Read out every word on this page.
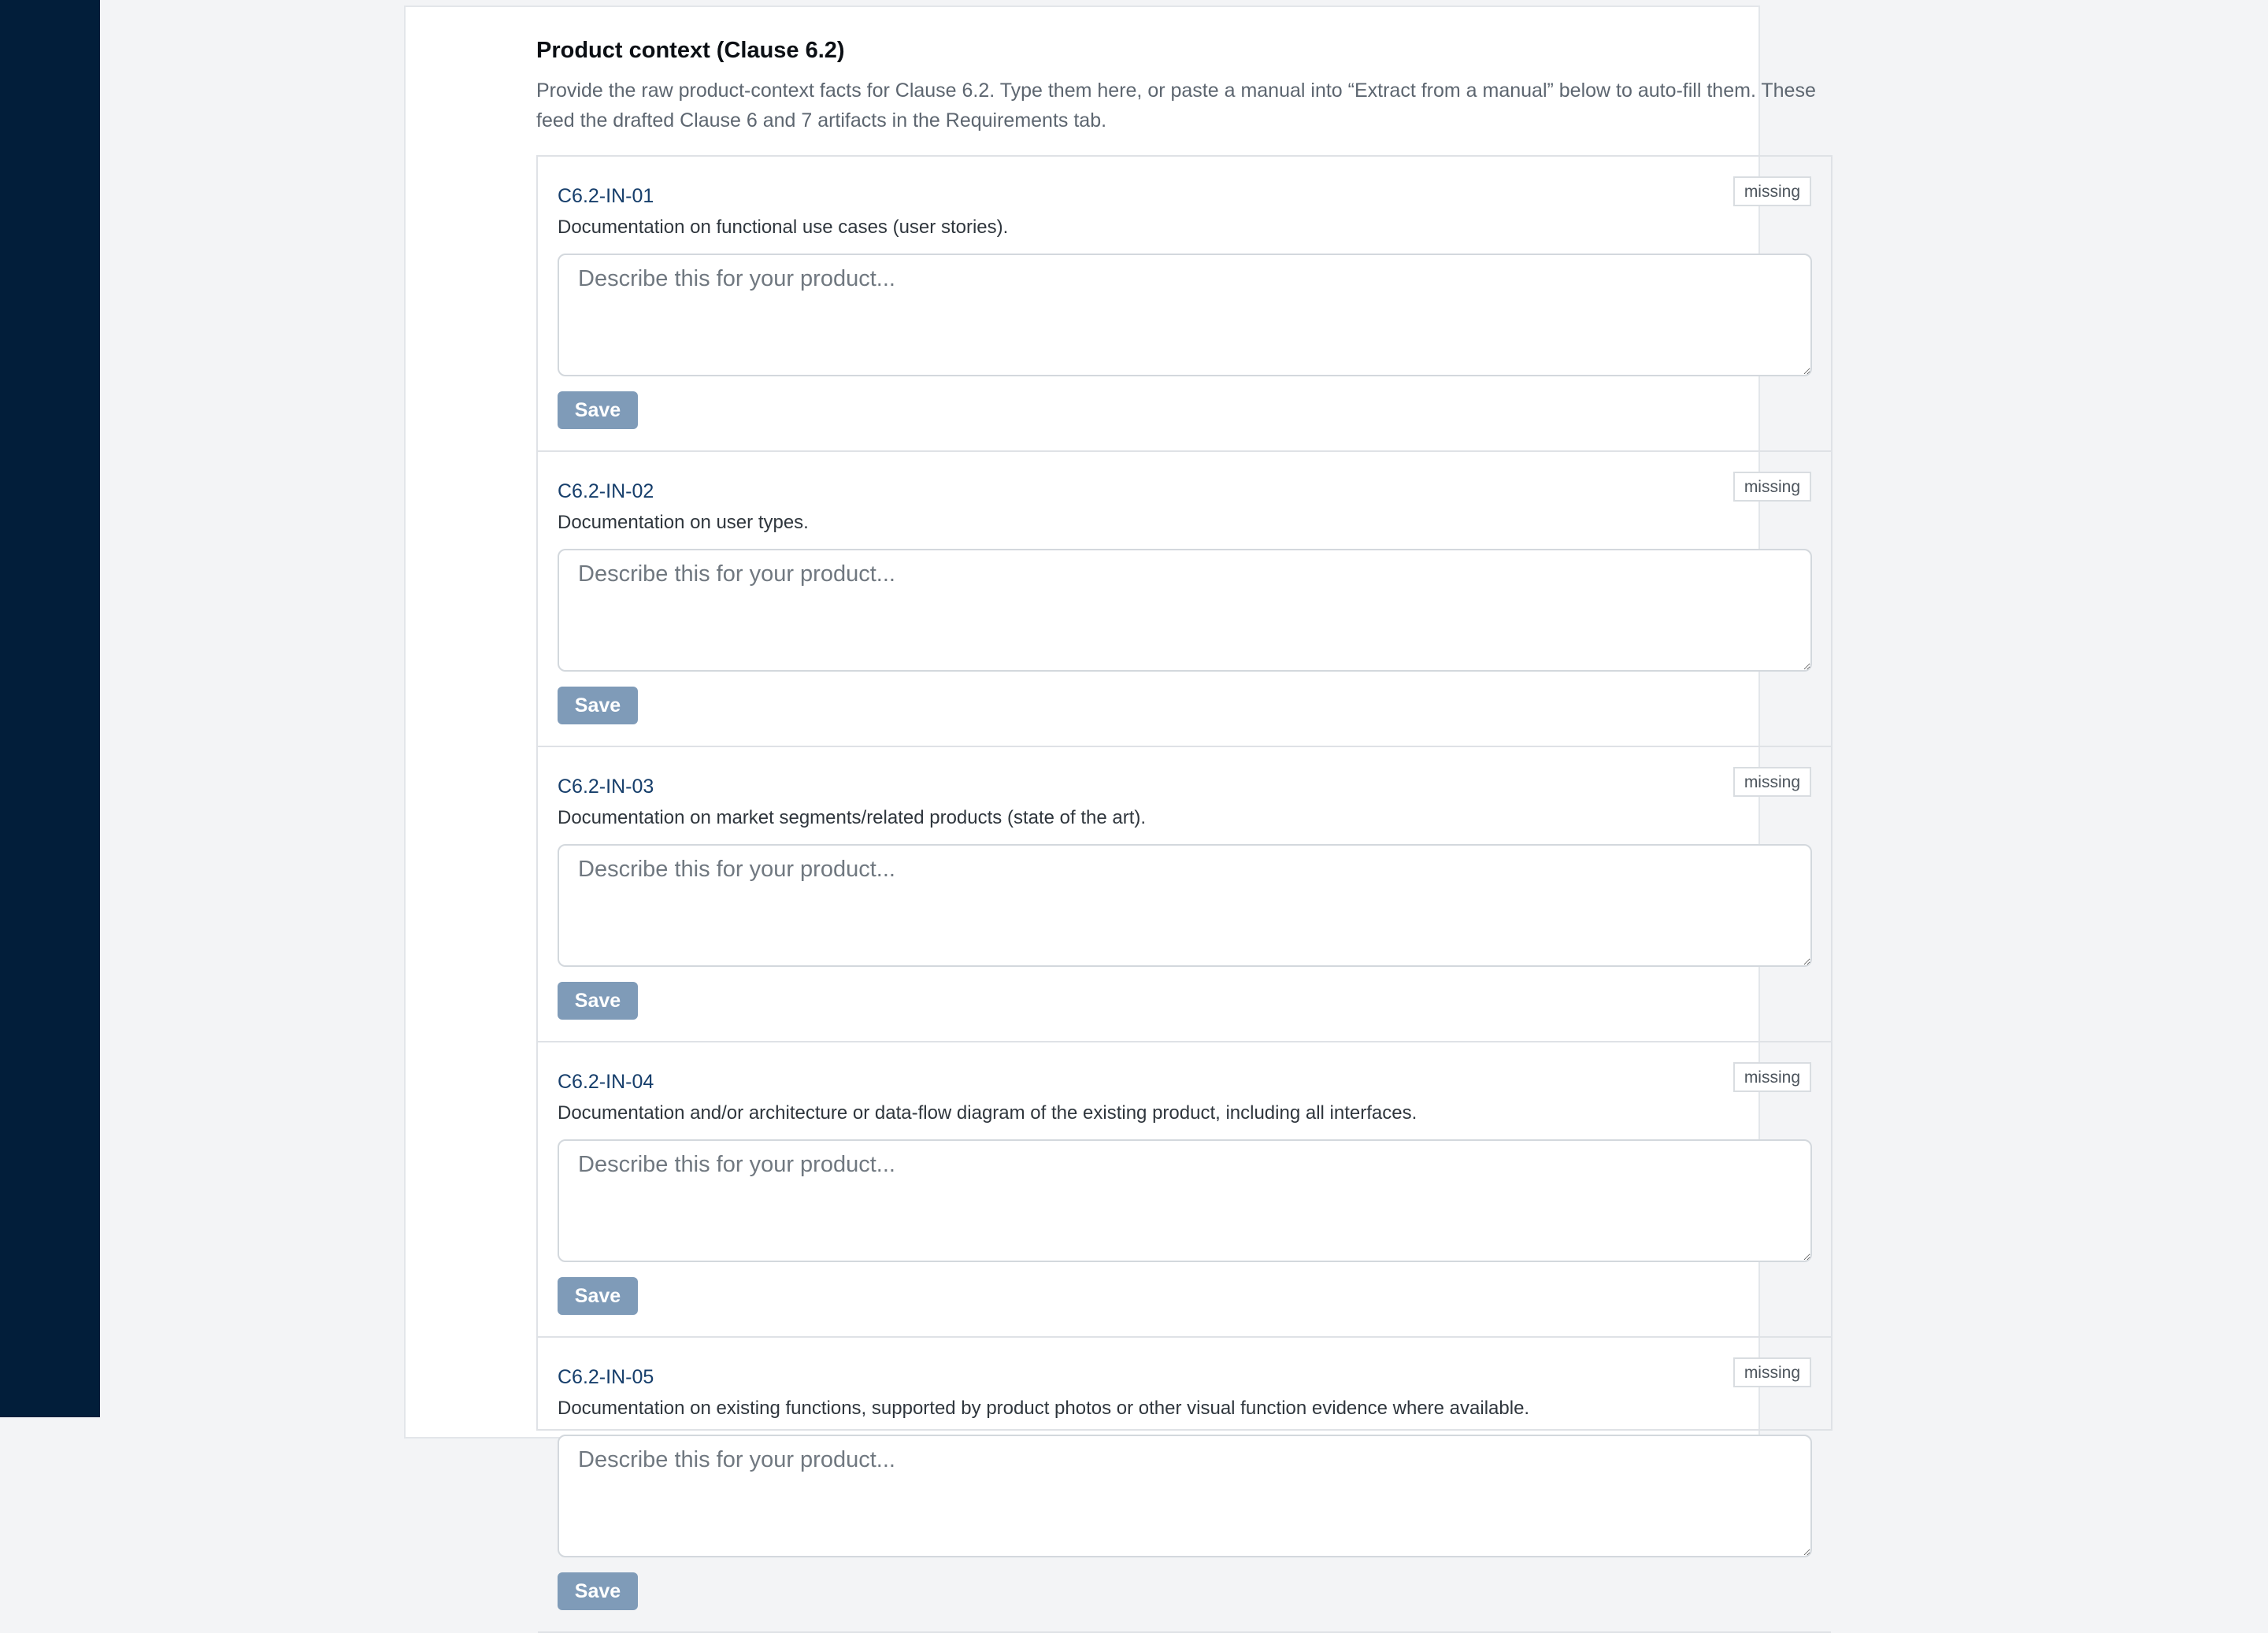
Product context (Clause 6.2)

Provide the raw product-context facts for Clause 6.2. Type them here, or paste a manual into “Extract from a manual” below to auto-fill them. These feed the drafted Clause 6 and 7 artifacts in the Requirements tab.

C6.2-IN-01	missing
Documentation on functional use cases (user stories).
Describe this for your product...
Save
C6.2-IN-02	missing
Documentation on user types.
Describe this for your product...
Save
C6.2-IN-03	missing
Documentation on market segments/related products (state of the art).
Describe this for your product...
Save
C6.2-IN-04	missing
Documentation and/or architecture or data-flow diagram of the existing product, including all interfaces.
Describe this for your product...
Save
C6.2-IN-05	missing
Documentation on existing functions, supported by product photos or other visual function evidence where available.
Describe this for your product...
Save
